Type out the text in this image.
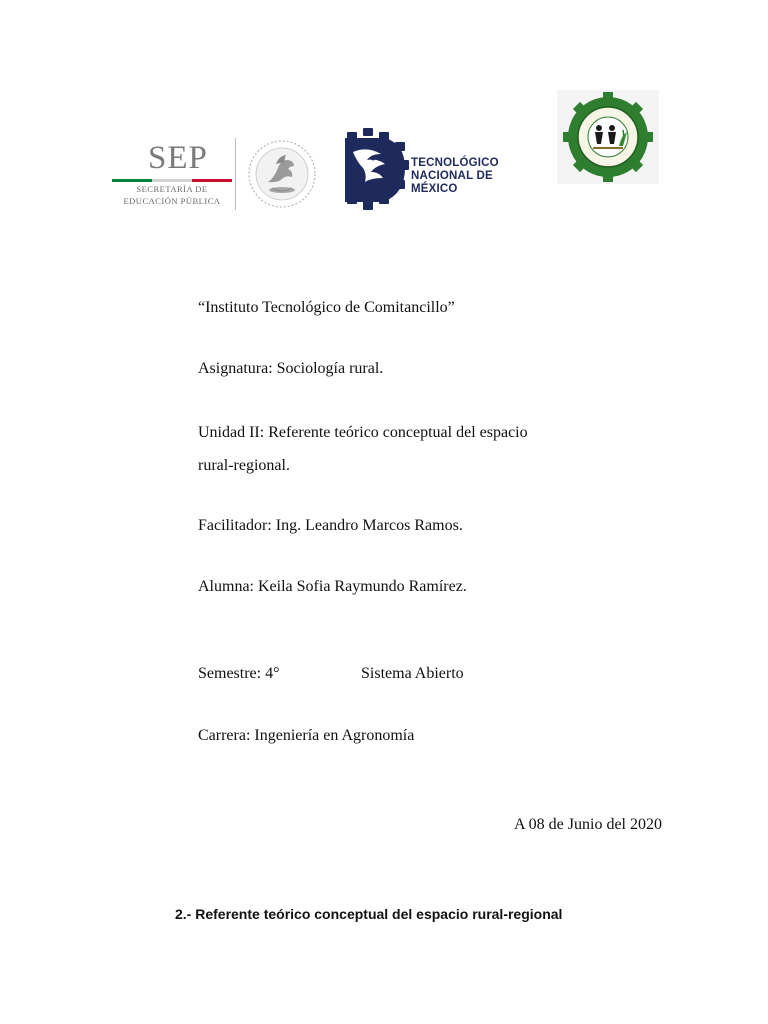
SEP
SECRETARÍA DE
EDUCACIÓN PÚBLICA
TECNOLÓGICO
NACIONAL DE MÉXICO
“Instituto Tecnológico de Comitancillo”
Asignatura: Sociología rural.
Unidad II: Referente teórico conceptual del espacio
rural-regional.
Facilitador: Ing. Leandro Marcos Ramos.
Alumna: Keila Sofia Raymundo Ramírez.
Semestre: 4°	Sistema Abierto
Carrera: Ingeniería en Agronomía
A 08 de Junio del 2020
2.- Referente teórico conceptual del espacio rural-regional
